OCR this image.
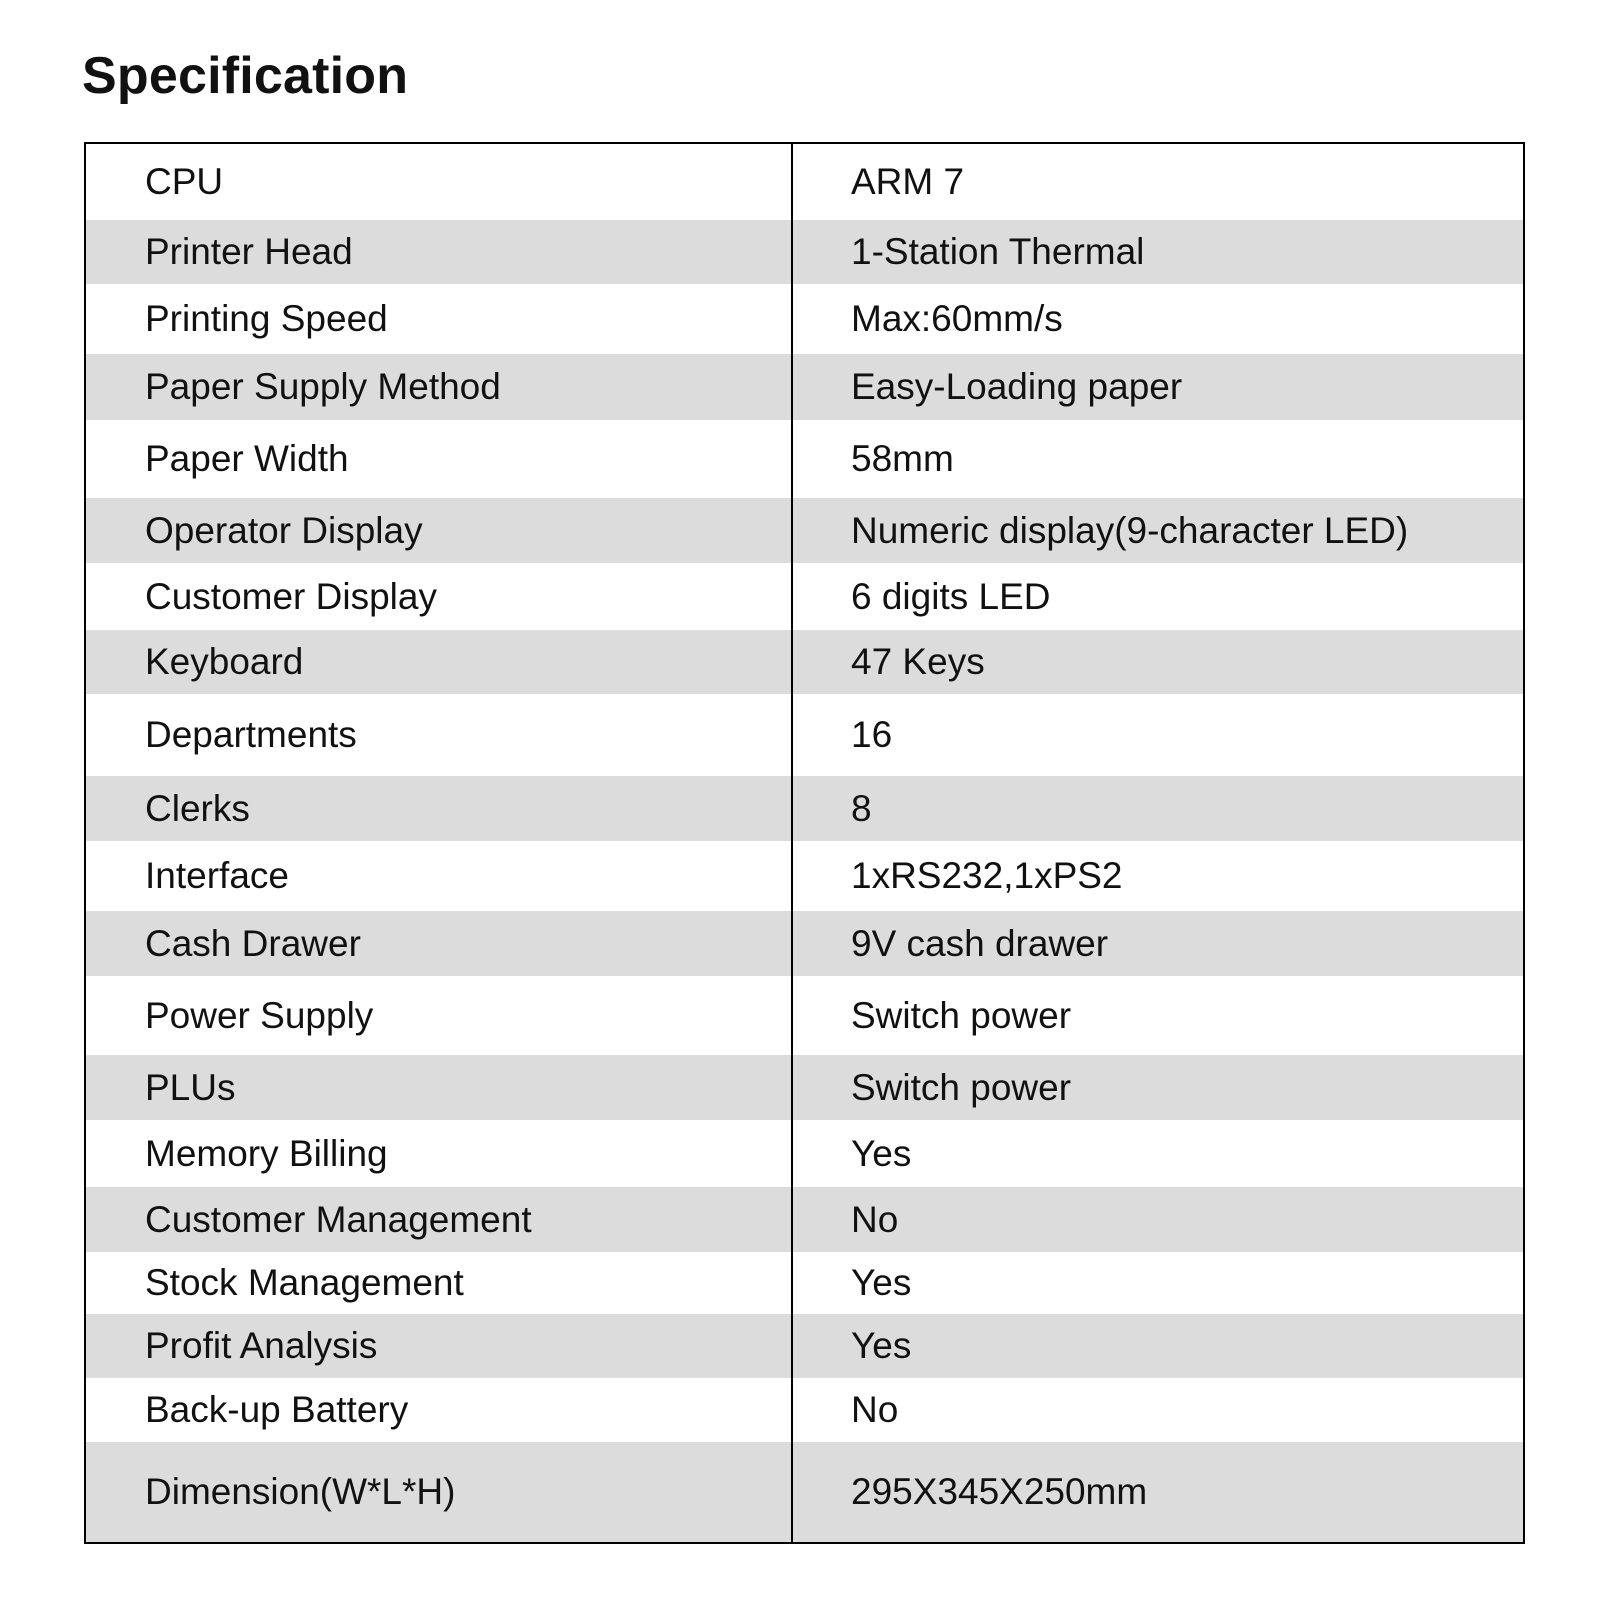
Specification
CPU	ARM 7
Printer Head	1-Station Thermal
Printing Speed	Max:60mm/s
Paper Supply Method	Easy-Loading paper
Paper Width	58mm
Operator Display	Numeric display(9-character LED)
Customer Display	6 digits LED
Keyboard	47 Keys
Departments	16
Clerks	8
Interface	1xRS232,1xPS2
Cash Drawer	9V cash drawer
Power Supply	Switch power
PLUs	Switch power
Memory Billing	Yes
Customer Management	No
Stock Management	Yes
Profit Analysis	Yes
Back-up Battery	No
Dimension(W*L*H)	295X345X250mm
